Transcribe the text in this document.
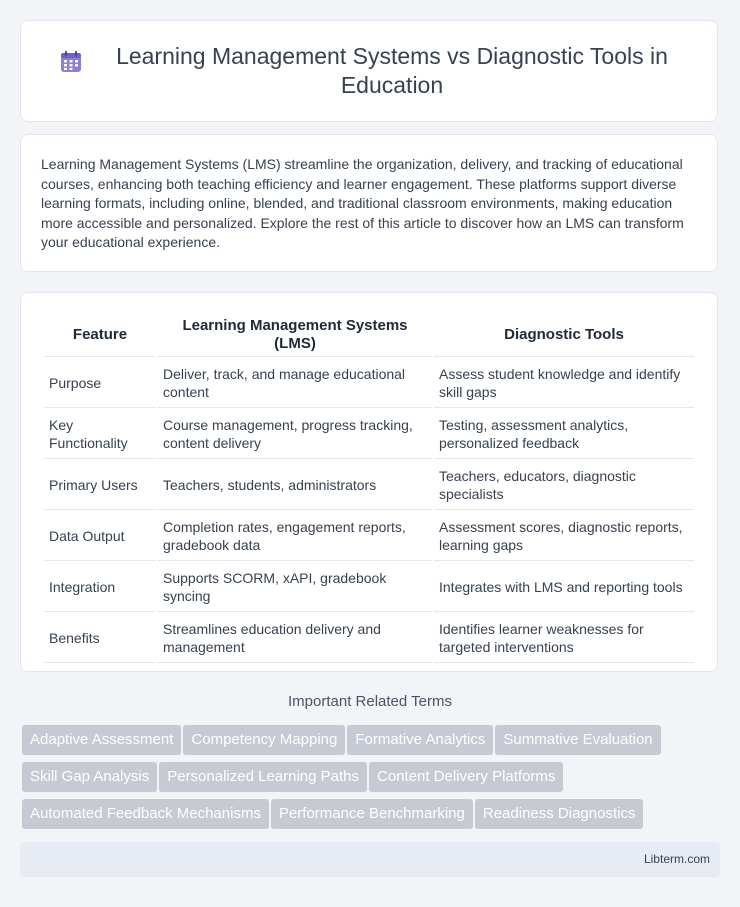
Learning Management Systems vs Diagnostic Tools in Education

Learning Management Systems (LMS) streamline the organization, delivery, and tracking of educational courses, enhancing both teaching efficiency and learner engagement. These platforms support diverse learning formats, including online, blended, and traditional classroom environments, making education more accessible and personalized. Explore the rest of this article to discover how an LMS can transform your educational experience.

Feature	Learning Management Systems (LMS)	Diagnostic Tools
Purpose	Deliver, track, and manage educational content	Assess student knowledge and identify skill gaps
Key Functionality	Course management, progress tracking, content delivery	Testing, assessment analytics, personalized feedback
Primary Users	Teachers, students, administrators	Teachers, educators, diagnostic specialists
Data Output	Completion rates, engagement reports, gradebook data	Assessment scores, diagnostic reports, learning gaps
Integration	Supports SCORM, xAPI, gradebook syncing	Integrates with LMS and reporting tools
Benefits	Streamlines education delivery and management	Identifies learner weaknesses for targeted interventions
Important Related Terms
Adaptive Assessment Competency Mapping Formative Analytics Summative Evaluation
Skill Gap Analysis Personalized Learning Paths Content Delivery Platforms
Automated Feedback Mechanisms Performance Benchmarking Readiness Diagnostics
Libterm.com
